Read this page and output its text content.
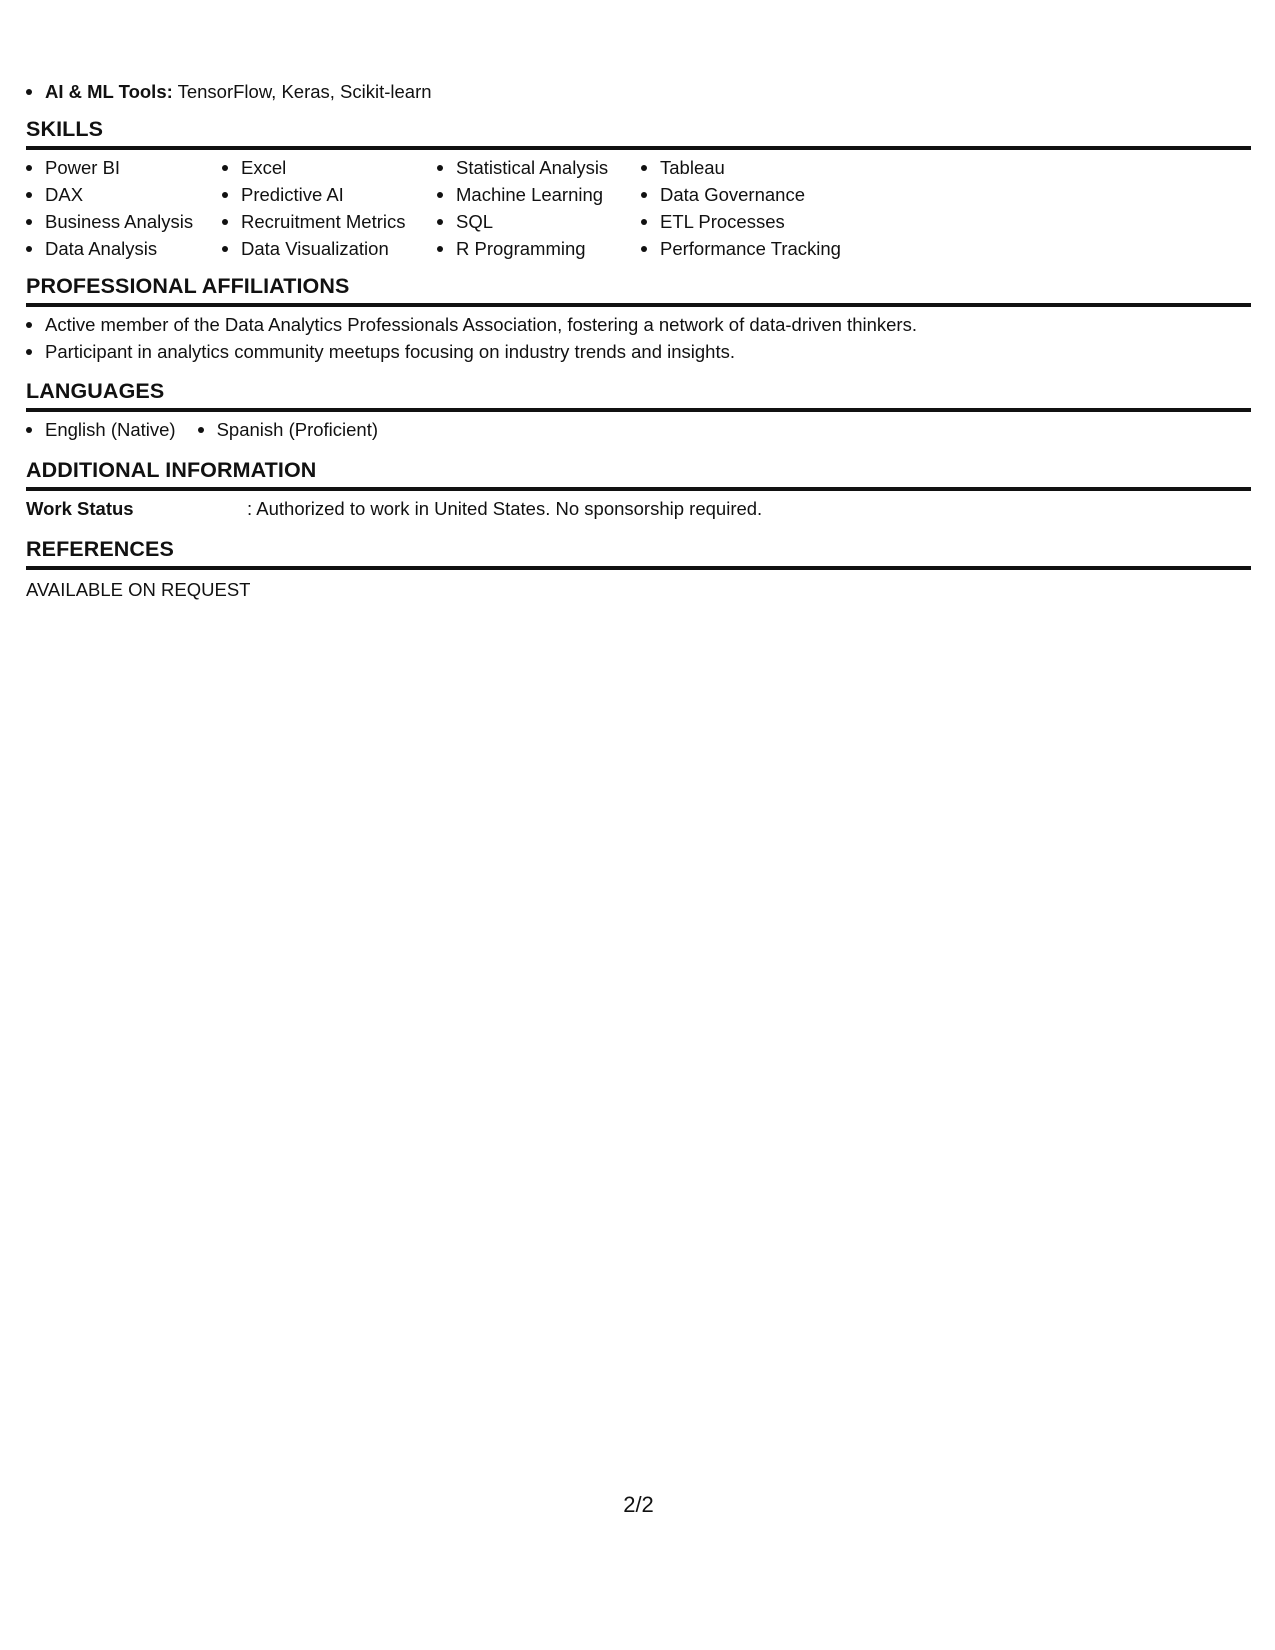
AI & ML Tools: TensorFlow, Keras, Scikit-learn
SKILLS
Power BI
DAX
Business Analysis
Data Analysis
Excel
Predictive AI
Recruitment Metrics
Data Visualization
Statistical Analysis
Machine Learning
SQL
R Programming
Tableau
Data Governance
ETL Processes
Performance Tracking
PROFESSIONAL AFFILIATIONS
Active member of the Data Analytics Professionals Association, fostering a network of data-driven thinkers.
Participant in analytics community meetups focusing on industry trends and insights.
LANGUAGES
English (Native)	Spanish (Proficient)
ADDITIONAL INFORMATION
Work Status	: Authorized to work in United States. No sponsorship required.
REFERENCES
AVAILABLE ON REQUEST
2/2
